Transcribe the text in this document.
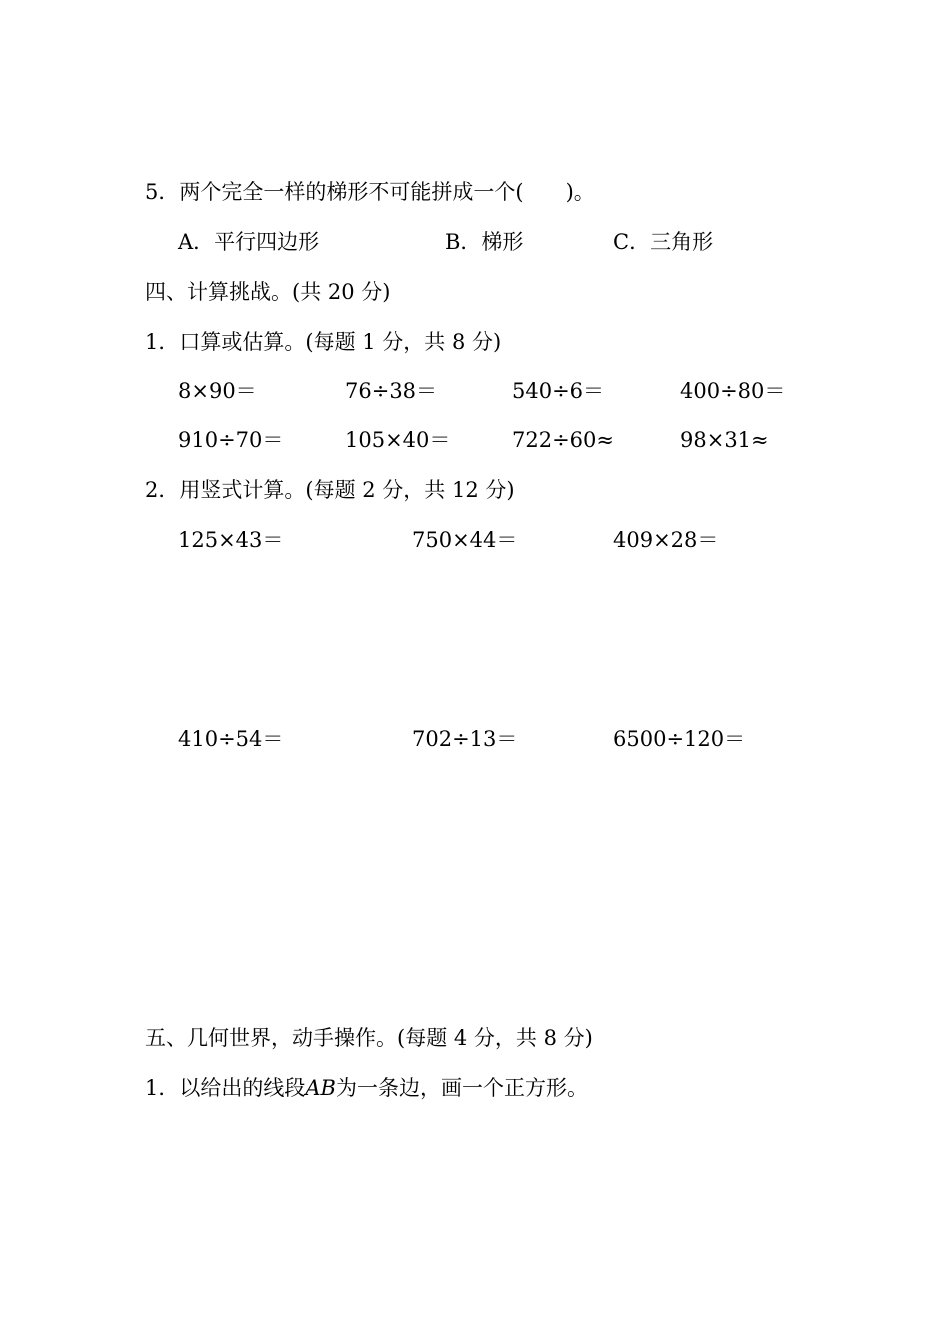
5．两个完全一样的梯形不可能拼成一个(　　)。
A．平行四边形	B．梯形	C．三角形
四、计算挑战。(共 20 分)
1．口算或估算。(每题 1 分，共 8 分)
8×90＝	76÷38＝	540÷6＝	400÷80＝
910÷70＝	105×40＝	722÷60≈	98×31≈
2．用竖式计算。(每题 2 分，共 12 分)
125×43＝	750×44＝	409×28＝
410÷54＝	702÷13＝	6500÷120＝
五、几何世界，动手操作。(每题 4 分，共 8 分)
1．以给出的线段AB为一条边，画一个正方形。
